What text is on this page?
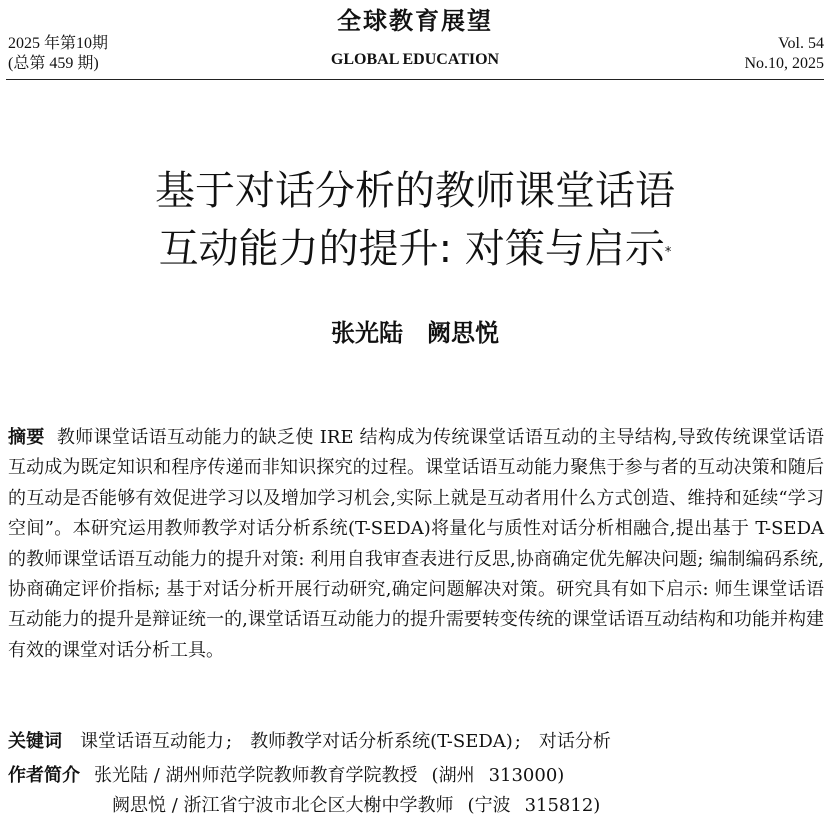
2025 年第10期
(总第 459 期)
全球教育展望
GLOBAL EDUCATION
Vol. 54
No.10, 2025
基于对话分析的教师课堂话语
互动能力的提升: 对策与启示*
张光陆 阙思悦
摘要 教师课堂话语互动能力的缺乏使 IRE 结构成为传统课堂话语互动的主导结构,导致传统课堂话语互动成为既定知识和程序传递而非知识探究的过程。课堂话语互动能力聚焦于参与者的互动决策和随后的互动是否能够有效促进学习以及增加学习机会,实际上就是互动者用什么方式创造、维持和延续“学习空间”。本研究运用教师教学对话分析系统(T-SEDA)将量化与质性对话分析相融合,提出基于 T-SEDA 的教师课堂话语互动能力的提升对策: 利用自我审查表进行反思,协商确定优先解决问题; 编制编码系统,协商确定评价指标; 基于对话分析开展行动研究,确定问题解决对策。研究具有如下启示: 师生课堂话语互动能力的提升是辩证统一的,课堂话语互动能力的提升需要转变传统的课堂话语互动结构和功能并构建有效的课堂对话分析工具。
关键词 课堂话语互动能力 ; 教师教学对话分析系统(T-SEDA) ; 对话分析
作者简介 张光陆 / 湖州师范学院教师教育学院教授 (湖州 313000)
阙思悦 / 浙江省宁波市北仑区大榭中学教师 (宁波 315812)
